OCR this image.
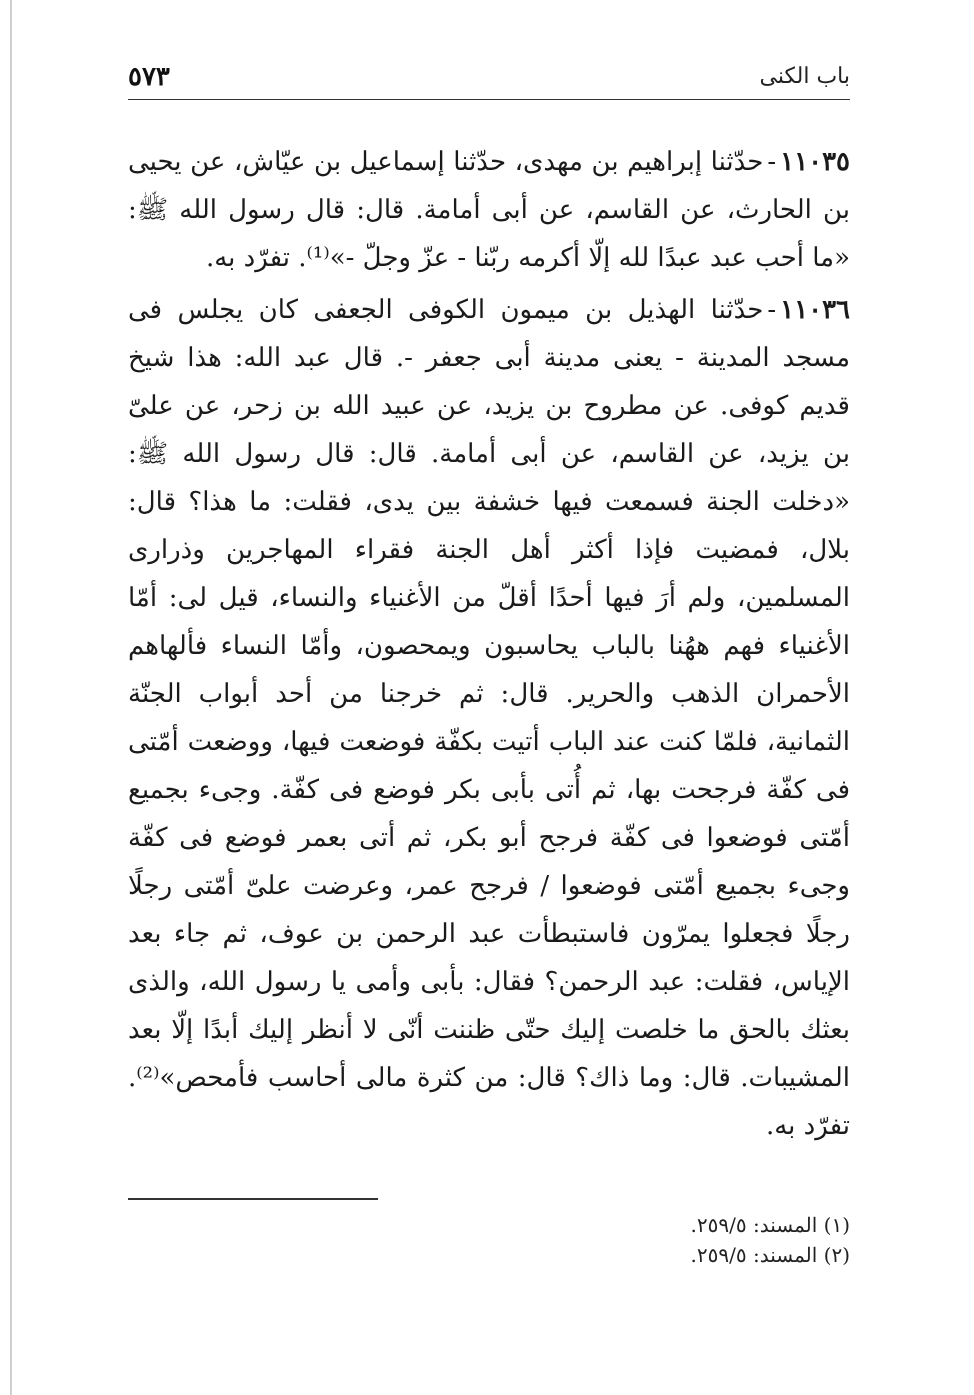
باب الكنى
٥٧٣

١١٠٣٥-حدّثنا إبراهيم بن مهدى، حدّثنا إسماعيل بن عيّاش، عن يحيى بن الحارث، عن القاسم، عن أبى أمامة. قال: قال رسول الله ﷺ: «ما أحب عبد عبدًا لله إلّا أكرمه ربّنا - عزّ وجلّ -»⁽¹⁾. تفرّد به.

١١٠٣٦-حدّثنا الهذيل بن ميمون الكوفى الجعفى كان يجلس فى مسجد المدينة - يعنى مدينة أبى جعفر -. قال عبد الله: هذا شيخ قديم كوفى. عن مطروح بن يزيد، عن عبيد الله بن زحر، عن علىّ بن يزيد، عن القاسم، عن أبى أمامة. قال: قال رسول الله ﷺ: «دخلت الجنة فسمعت فيها خشفة بين يدى، فقلت: ما هذا؟ قال: بلال، فمضيت فإذا أكثر أهل الجنة فقراء المهاجرين وذرارى المسلمين، ولم أرَ فيها أحدًا أقلّ من الأغنياء والنساء، قيل لى: أمّا الأغنياء فهم ههُنا بالباب يحاسبون ويمحصون، وأمّا النساء فألهاهم الأحمران الذهب والحرير. قال: ثم خرجنا من أحد أبواب الجنّة الثمانية، فلمّا كنت عند الباب أتيت بكفّة فوضعت فيها، ووضعت أمّتى فى كفّة فرجحت بها، ثم أُتى بأبى بكر فوضع فى كفّة. وجىء بجميع أمّتى فوضعوا فى كفّة فرجح أبو بكر، ثم أتى بعمر فوضع فى كفّة وجىء بجميع أمّتى فوضعوا / فرجح عمر، وعرضت علىّ أمّتى رجلًا رجلًا فجعلوا يمرّون فاستبطأت عبد الرحمن بن عوف، ثم جاء بعد الإياس، فقلت: عبد الرحمن؟ فقال: بأبى وأمى يا رسول الله، والذى بعثك بالحق ما خلصت إليك حتّى ظننت أنّى لا أنظر إليك أبدًا إلّا بعد المشيبات. قال: وما ذاك؟ قال: من كثرة مالى أحاسب فأمحص»⁽²⁾. تفرّد به.

(١) المسند: ٢٥٩/٥.

(٢) المسند: ٢٥٩/٥.
